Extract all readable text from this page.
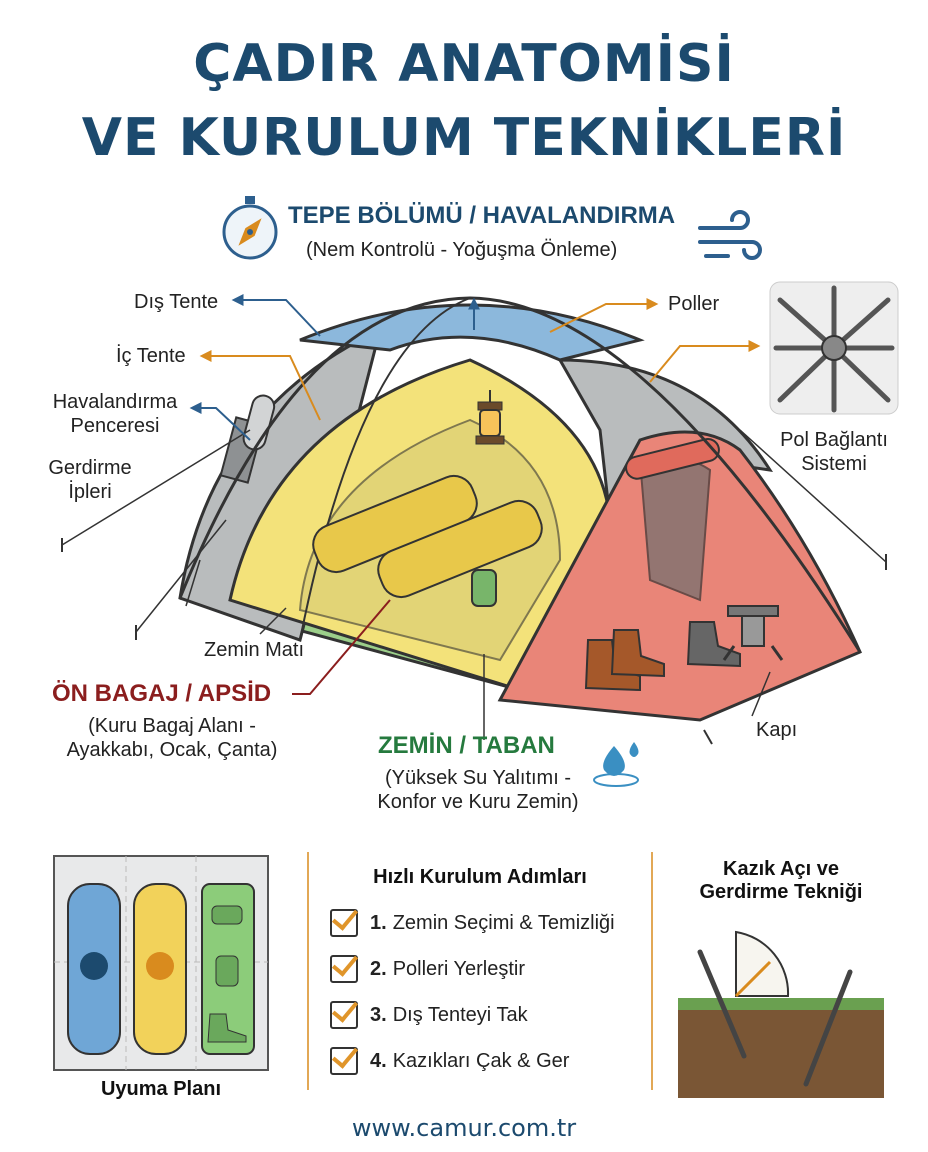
ÇADIR ANATOMİSİ
VE KURULUM TEKNİKLERİ
TEPE BÖLÜMÜ / HAVALANDIRMA
(Nem Kontrolü - Yoğuşma Önleme)
Dış Tente
İç Tente
Havalandırma
Penceresi
Gerdirme
İpleri
Poller
Pol Bağlantı
Sistemi
Zemin Matı
ÖN BAGAJ / APSİD
(Kuru Bagaj Alanı -
Ayakkabı, Ocak, Çanta)	ZEMİN / TABAN
(Yüksek Su Yalıtımı -
Konfor ve Kuru Zemin)
Kapı
Uyuma Planı
Hızlı Kurulum Adımları
1. Zemin Seçimi & Temizliği
2. Polleri Yerleştir
3. Dış Tenteyi Tak
4. Kazıkları Çak & Ger
Kazık Açı ve
Gerdirme Tekniği
www.camur.com.tr
